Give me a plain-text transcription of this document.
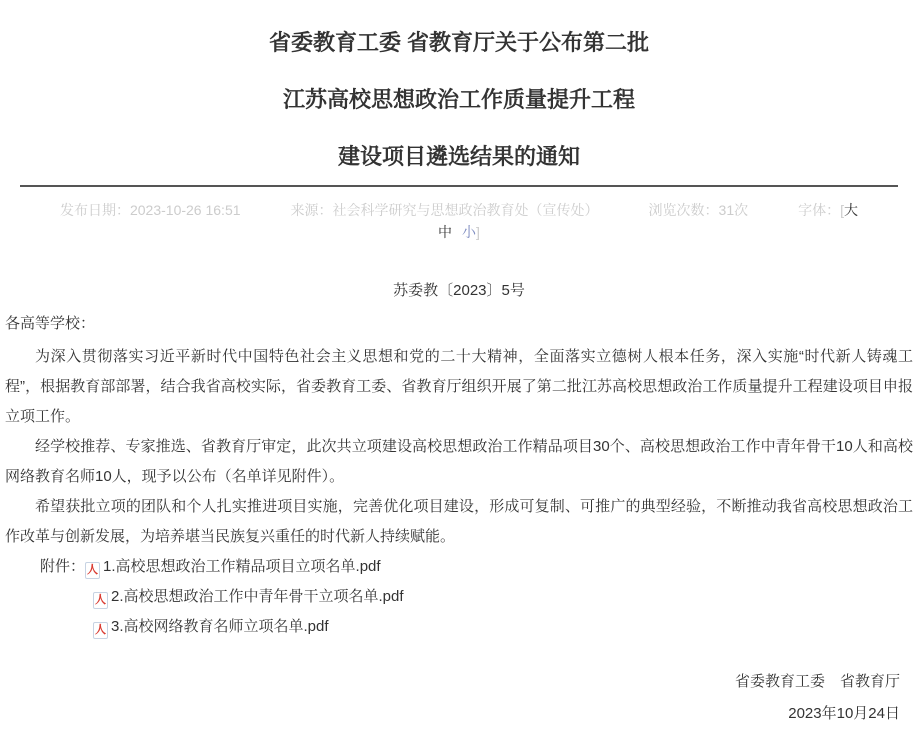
省委教育工委 省教育厅关于公布第二批
江苏高校思想政治工作质量提升工程
建设项目遴选结果的通知
发布日期：2023-10-26 16:51	来源：社会科学研究与思想政治教育处（宣传处）	浏览次数：31次	字体：[大
中 小]
苏委教〔2023〕5号
各高等学校：

为深入贯彻落实习近平新时代中国特色社会主义思想和党的二十大精神，全面落实立德树人根本任务，深入实施“时代新人铸魂工程”，根据教育部部署，结合我省高校实际，省委教育工委、省教育厅组织开展了第二批江苏高校思想政治工作质量提升工程建设项目申报立项工作。

经学校推荐、专家推选、省教育厅审定，此次共立项建设高校思想政治工作精品项目30个、高校思想政治工作中青年骨干10人和高校网络教育名师10人，现予以公布（名单详见附件）。

希望获批立项的团队和个人扎实推进项目实施，完善优化项目建设，形成可复制、可推广的典型经验，不断推动我省高校思想政治工作改革与创新发展，为培养堪当民族复兴重任的时代新人持续赋能。

附件： 人 1.高校思想政治工作精品项目立项名单.pdf
人 2.高校思想政治工作中青年骨干立项名单.pdf
人 3.高校网络教育名师立项名单.pdf
省委教育工委　省教育厅
2023年10月24日
